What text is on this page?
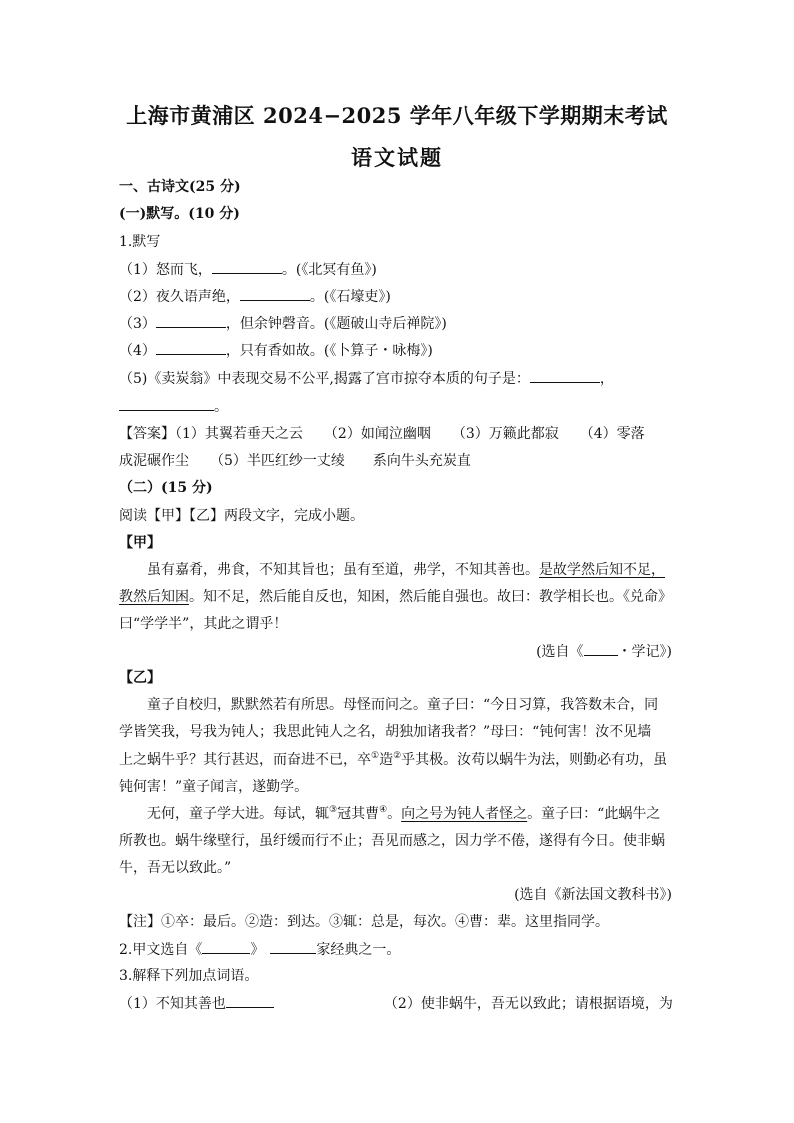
上海市黄浦区 2024−2025 学年八年级下学期期末考试
语文试题
一、古诗文(25 分)
(一)默写。(10 分)
1.默写
（1）怒而飞，	。(《北冥有鱼》)
（2）夜久语声绝，	。(《石壕吏》)
（3）	，但余钟磬音。(《题破山寺后禅院》)
（4）	，只有香如故。(《卜算子・咏梅》)
（5)《卖炭翁》中表现交易不公平,揭露了宫市掠夺本质的句子是：	，
。
【答案】（1）其翼若垂天之云　　（2）如闻泣幽咽　　（3）万籁此都寂　　（4）零落
成泥碾作尘　　（5）半匹红纱一丈绫　　系向牛头充炭直
（二）(15 分)
阅读【甲】【乙】两段文字，完成小题。
【甲】
虽有嘉肴，弗食，不知其旨也；虽有至道，弗学，不知其善也。是故学然后知不足，
教然后知困。知不足，然后能自反也，知困，然后能自强也。故曰：教学相长也。《兑命》
曰“学学半”，其此之谓乎！
(选自《 ・学记》)
【乙】
童子自校归，默默然若有所思。母怪而问之。童子曰：“今日习算，我答数未合，同
学皆笑我，号我为钝人；我思此钝人之名，胡独加诸我者？”母曰：“钝何害！汝不见墙
上之蜗牛乎？其行甚迟，而奋进不已，卒①造②乎其极。汝苟以蜗牛为法，则勤必有功，虽
钝何害！”童子闻言，遂勤学。
无何，童子学大进。每试，辄③冠其曹④。向之号为钝人者怪之。童子曰：“此蜗牛之
所教也。蜗牛缘壁行，虽纡缓而行不止；吾见而感之，因力学不倦，遂得有今日。使非蜗
牛，吾无以致此。”
(选自《新法国文教科书》)
【注】①卒：最后。②造：到达。③辄：总是，每次。④曹：辈。这里指同学。
2.甲文选自《	》	家经典之一。
3.解释下列加点词语。
（1）不知其善也	（2）使非蜗牛，吾无以致此；请根据语境，为
